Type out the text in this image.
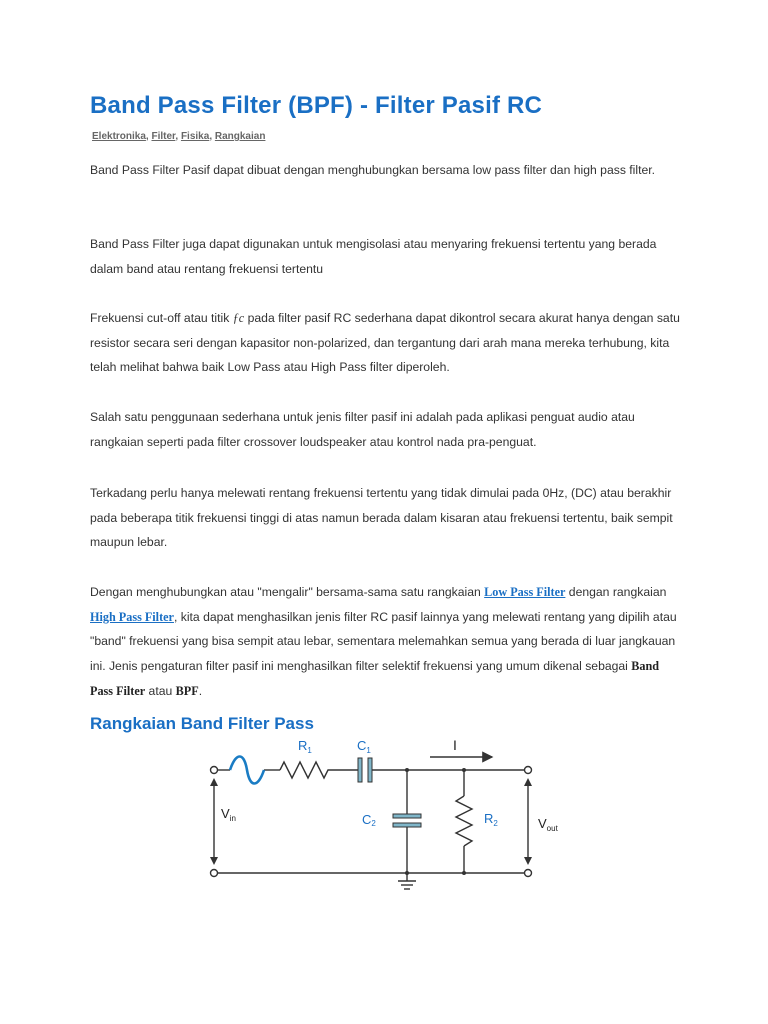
Band Pass Filter (BPF) - Filter Pasif RC
Elektronika, Filter, Fisika, Rangkaian

Band Pass Filter Pasif dapat dibuat dengan menghubungkan bersama low pass filter dan high pass filter.

Band Pass Filter juga dapat digunakan untuk mengisolasi atau menyaring frekuensi tertentu yang berada dalam band atau rentang frekuensi tertentu

Frekuensi cut-off atau titik ƒc pada filter pasif RC sederhana dapat dikontrol secara akurat hanya dengan satu resistor secara seri dengan kapasitor non-polarized, dan tergantung dari arah mana mereka terhubung, kita telah melihat bahwa baik Low Pass atau High Pass filter diperoleh.

Salah satu penggunaan sederhana untuk jenis filter pasif ini adalah pada aplikasi penguat audio atau rangkaian seperti pada filter crossover loudspeaker atau kontrol nada pra-penguat.

Terkadang perlu hanya melewati rentang frekuensi tertentu yang tidak dimulai pada 0Hz, (DC) atau berakhir pada beberapa titik frekuensi tinggi di atas namun berada dalam kisaran atau frekuensi tertentu, baik sempit maupun lebar.

Dengan menghubungkan atau "mengalir" bersama-sama satu rangkaian Low Pass Filter dengan rangkaian High Pass Filter, kita dapat menghasilkan jenis filter RC pasif lainnya yang melewati rentang yang dipilih atau "band" frekuensi yang bisa sempit atau lebar, sementara melemahkan semua yang berada di luar jangkauan ini. Jenis pengaturan filter pasif ini menghasilkan filter selektif frekuensi yang umum dikenal sebagai Band Pass Filter atau BPF.

Rangkaian Band Filter Pass
$R_1$	$C_1$
C2	$R_2$
I
$V_{in}$	$V_{out}$
